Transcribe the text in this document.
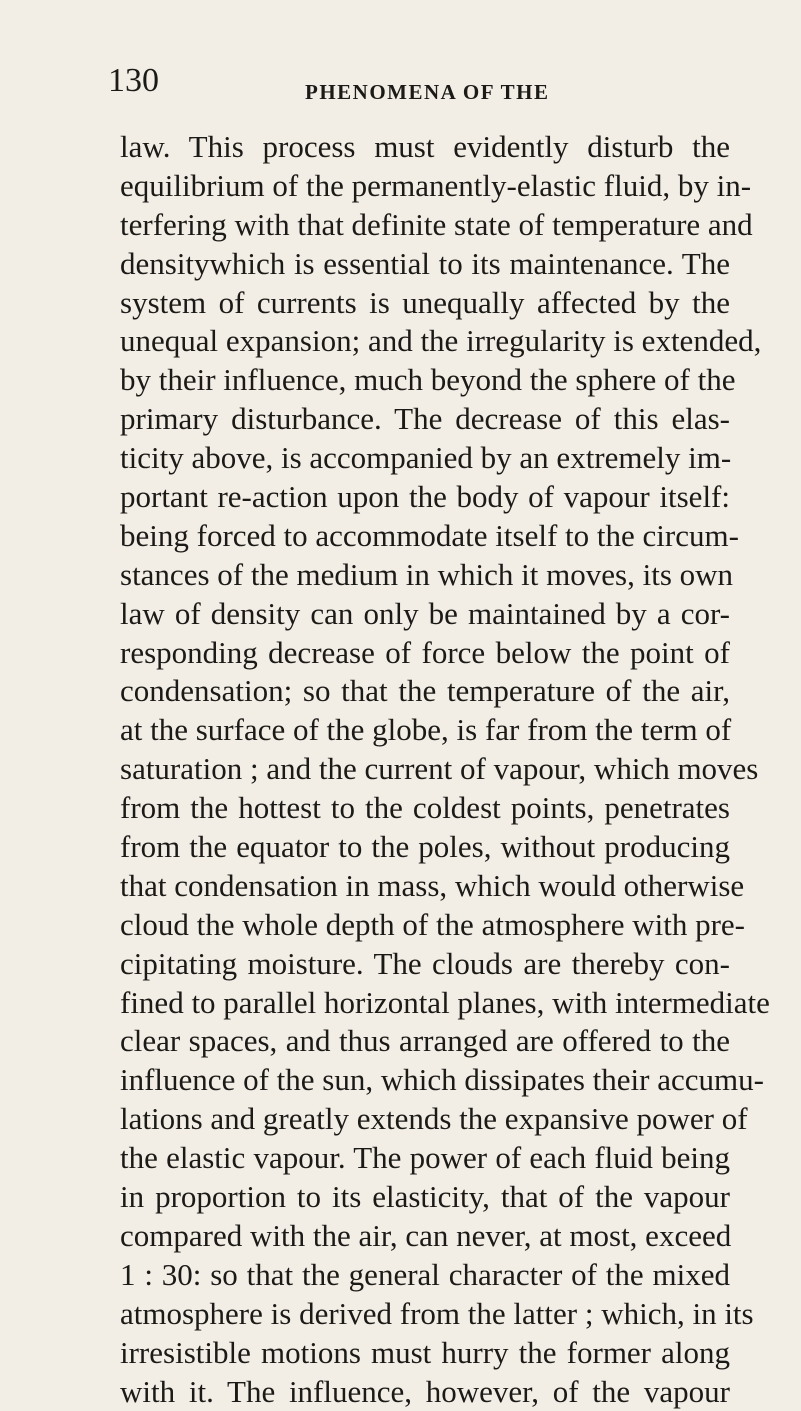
130	PHENOMENA OF THE
law. This process must evidently disturb the
equilibrium of the permanently-elastic fluid, by in-
terfering with that definite state of temperature and
densitywhich is essential to its maintenance. The
system of currents is unequally affected by the
unequal expansion; and the irregularity is extended,
by their influence, much beyond the sphere of the
primary disturbance. The decrease of this elas-
ticity above, is accompanied by an extremely im-
portant re-action upon the body of vapour itself:
being forced to accommodate itself to the circum-
stances of the medium in which it moves, its own
law of density can only be maintained by a cor-
responding decrease of force below the point of
condensation; so that the temperature of the air,
at the surface of the globe, is far from the term of
saturation ; and the current of vapour, which moves
from the hottest to the coldest points, penetrates
from the equator to the poles, without producing
that condensation in mass, which would otherwise
cloud the whole depth of the atmosphere with pre-
cipitating moisture. The clouds are thereby con-
fined to parallel horizontal planes, with intermediate
clear spaces, and thus arranged are offered to the
influence of the sun, which dissipates their accumu-
lations and greatly extends the expansive power of
the elastic vapour. The power of each fluid being
in proportion to its elasticity, that of the vapour
compared with the air, can never, at most, exceed
1 : 30: so that the general character of the mixed
atmosphere is derived from the latter ; which, in its
irresistible motions must hurry the former along
with it. The influence, however, of the vapour
